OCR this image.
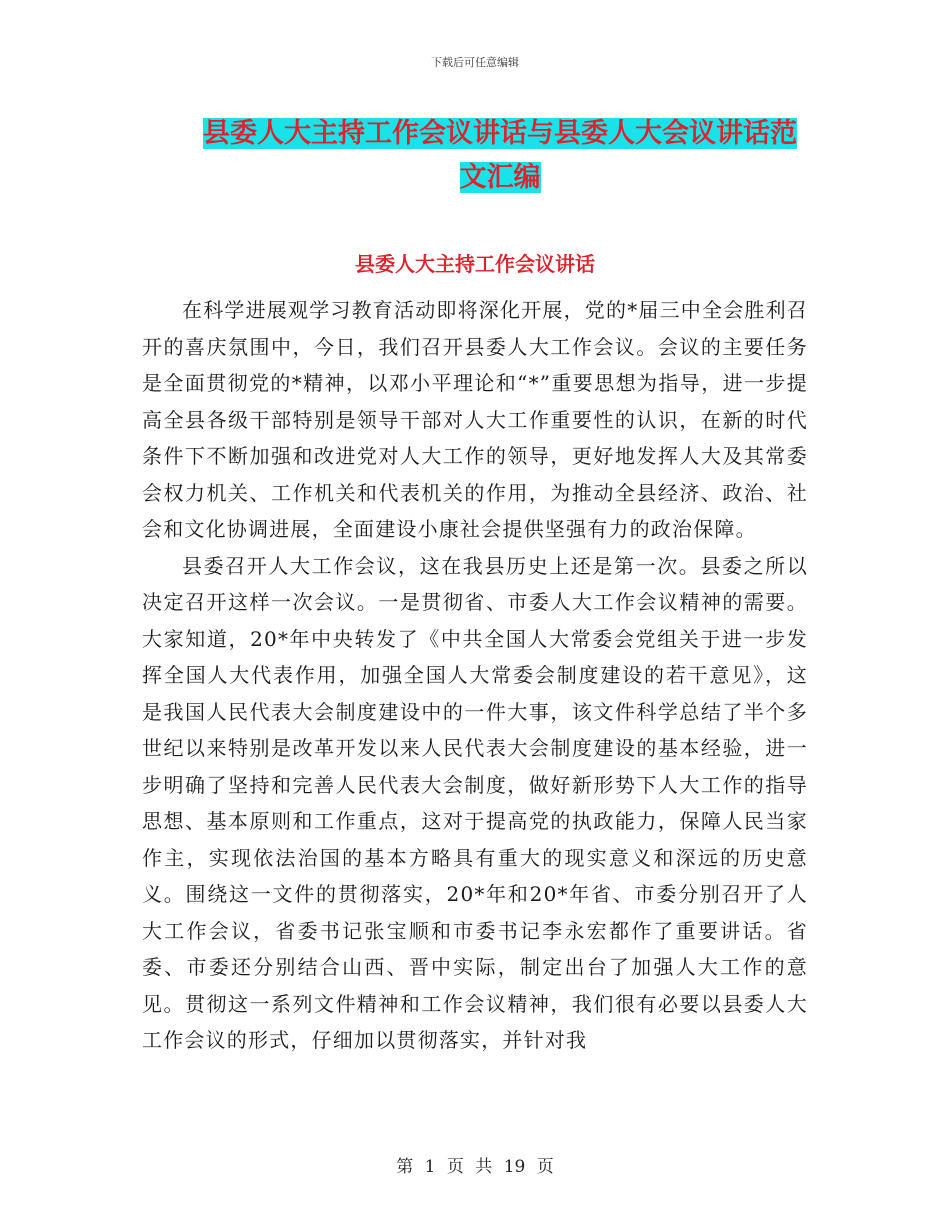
下载后可任意编辑
县委人大主持工作会议讲话与县委人大会议讲话范文汇编
县委人大主持工作会议讲话

在科学进展观学习教育活动即将深化开展，党的*届三中全会胜利召开的喜庆氛围中，今日，我们召开县委人大工作会议。会议的主要任务是全面贯彻党的*精神，以邓小平理论和“*”重要思想为指导，进一步提高全县各级干部特别是领导干部对人大工作重要性的认识，在新的时代条件下不断加强和改进党对人大工作的领导，更好地发挥人大及其常委会权力机关、工作机关和代表机关的作用，为推动全县经济、政治、社会和文化协调进展，全面建设小康社会提供坚强有力的政治保障。

县委召开人大工作会议，这在我县历史上还是第一次。县委之所以决定召开这样一次会议。一是贯彻省、市委人大工作会议精神的需要。大家知道，20*年中央转发了《中共全国人大常委会党组关于进一步发挥全国人大代表作用，加强全国人大常委会制度建设的若干意见》，这是我国人民代表大会制度建设中的一件大事，该文件科学总结了半个多世纪以来特别是改革开发以来人民代表大会制度建设的基本经验，进一步明确了坚持和完善人民代表大会制度，做好新形势下人大工作的指导思想、基本原则和工作重点，这对于提高党的执政能力，保障人民当家作主，实现依法治国的基本方略具有重大的现实意义和深远的历史意义。围绕这一文件的贯彻落实，20*年和20*年省、市委分别召开了人大工作会议，省委书记张宝顺和市委书记李永宏都作了重要讲话。省委、市委还分别结合山西、晋中实际，制定出台了加强人大工作的意见。贯彻这一系列文件精神和工作会议精神，我们很有必要以县委人大工作会议的形式，仔细加以贯彻落实，并针对我

第 1 页 共 19 页
